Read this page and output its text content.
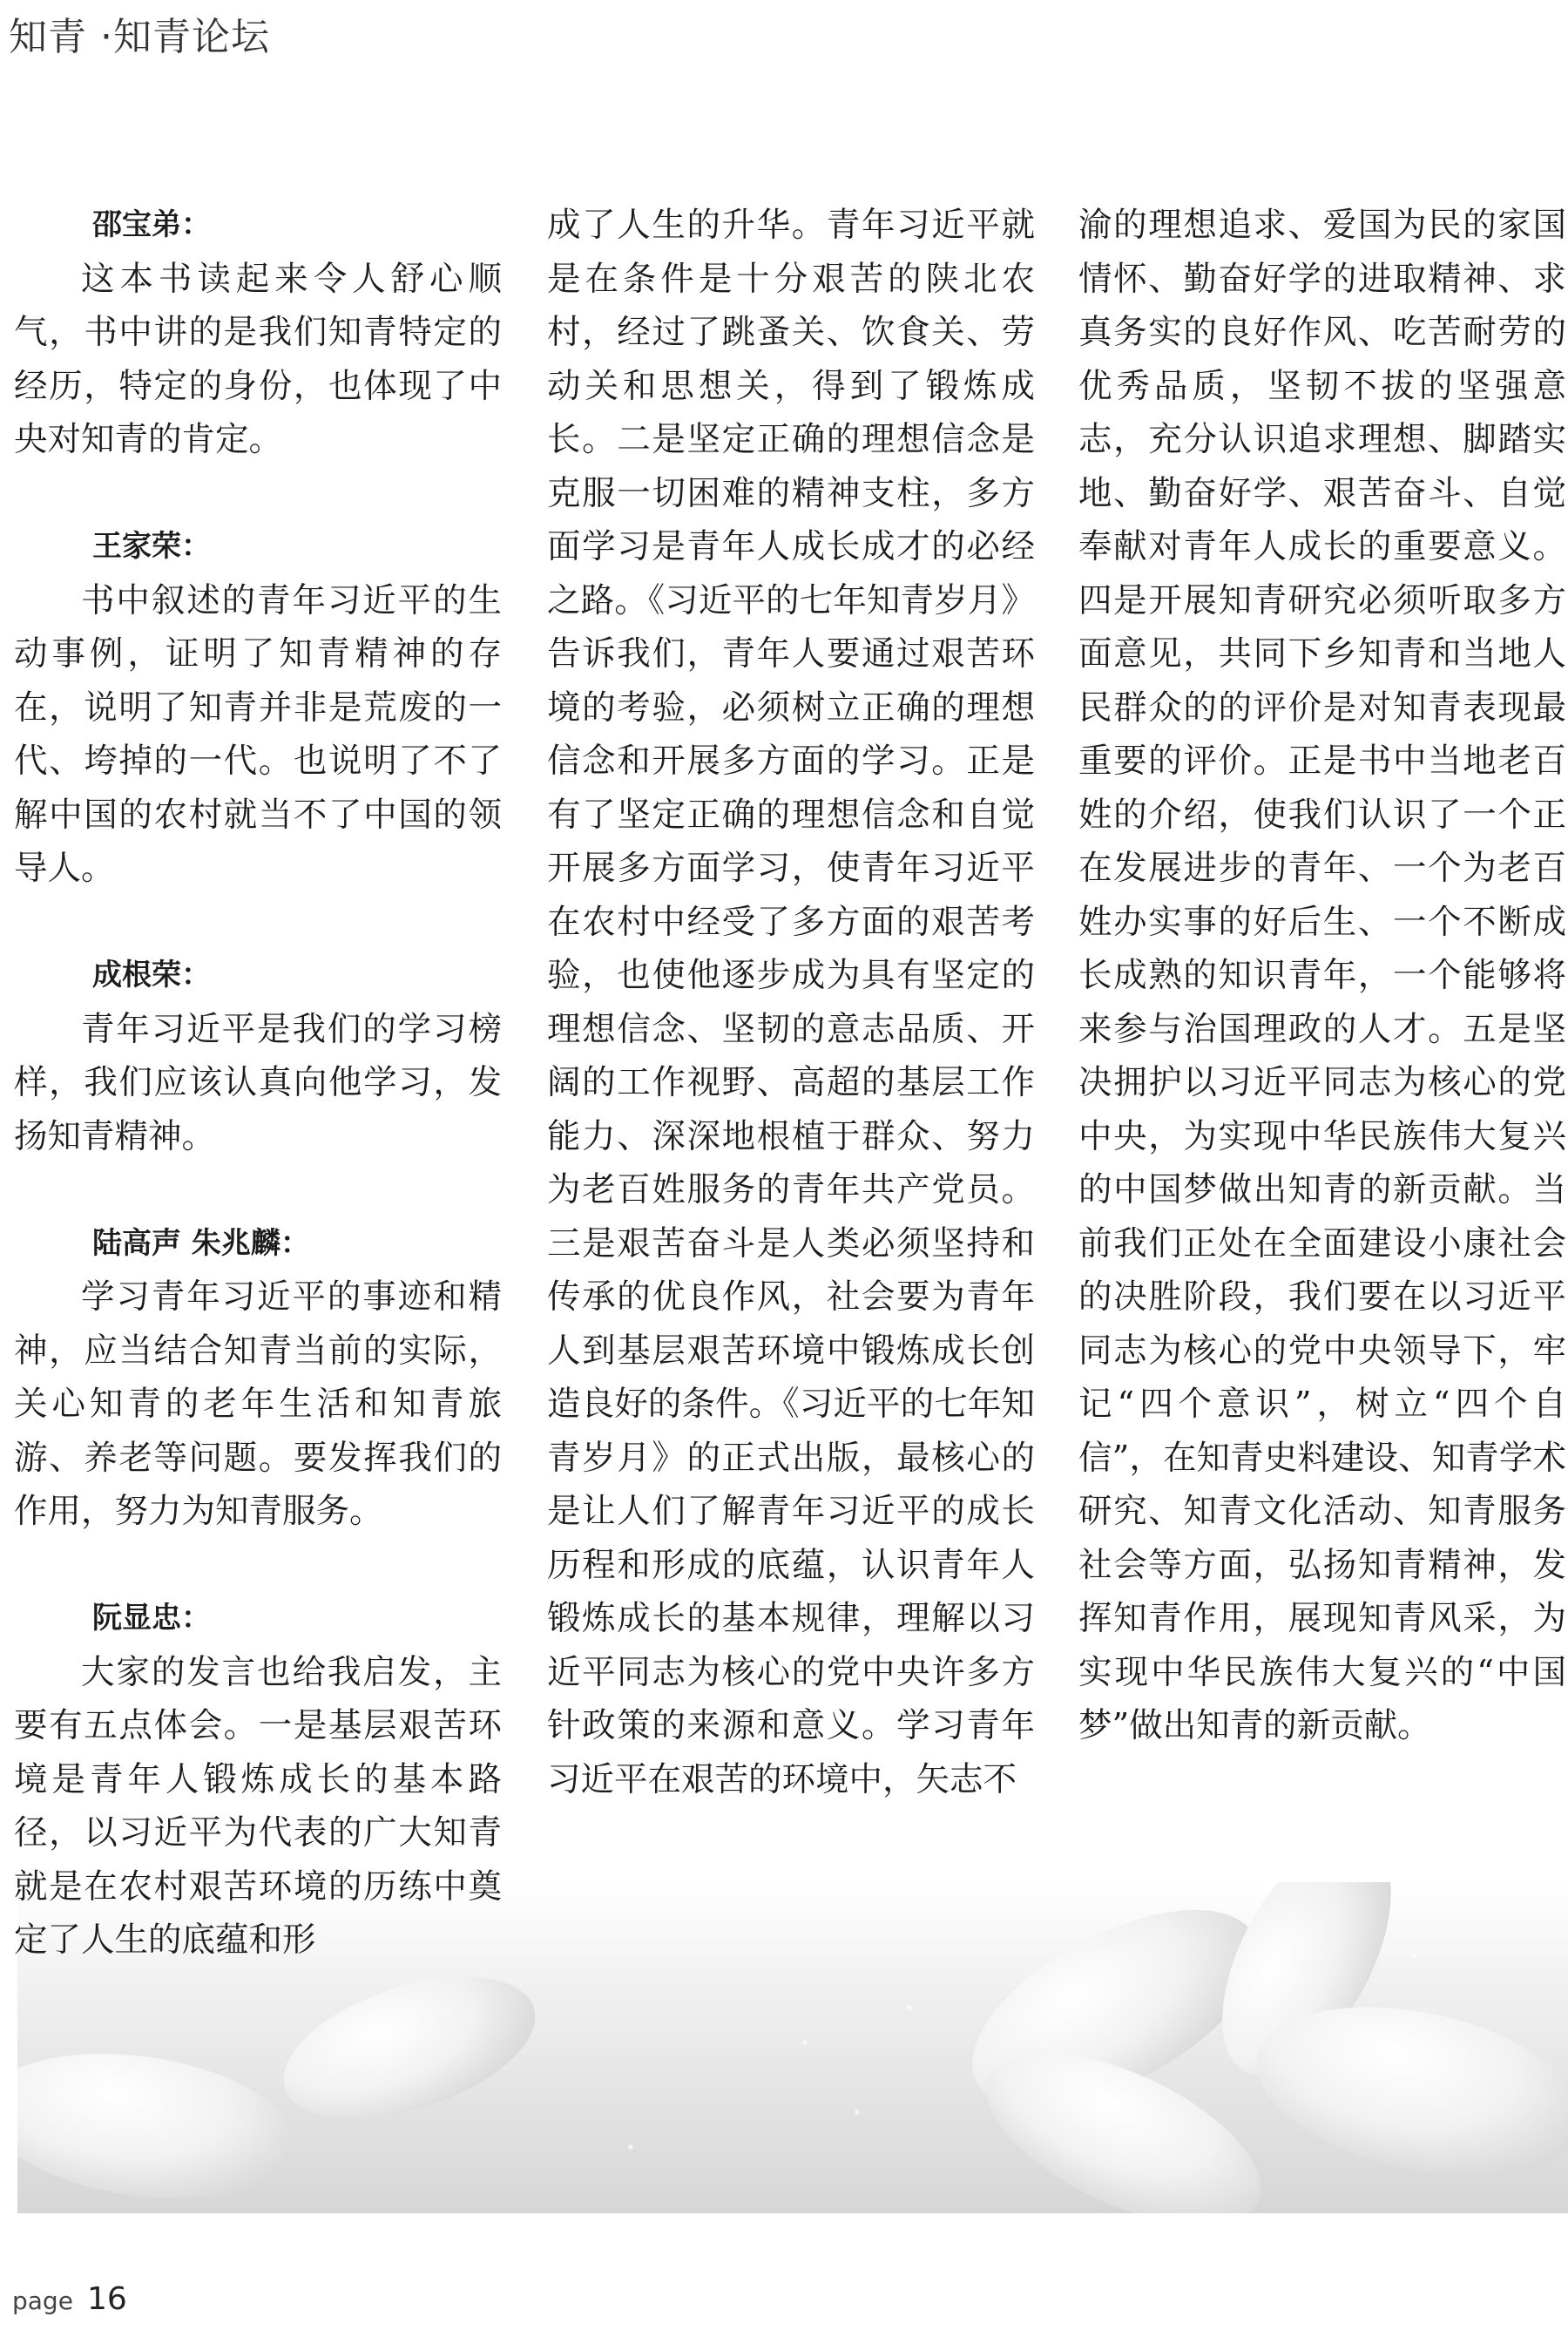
知青 ·知青论坛

邵宝弟：

这本书读起来令人舒心顺气，书中讲的是我们知青特定的经历，特定的身份，也体现了中央对知青的肯定。

王家荣：

书中叙述的青年习近平的生动事例，证明了知青精神的存在，说明了知青并非是荒废的一代、垮掉的一代。也说明了不了解中国的农村就当不了中国的领导人。

成根荣：

青年习近平是我们的学习榜样，我们应该认真向他学习，发扬知青精神。

陆高声 朱兆麟：

学习青年习近平的事迹和精神，应当结合知青当前的实际，关心知青的老年生活和知青旅游、养老等问题。要发挥我们的作用，努力为知青服务。

阮显忠：

大家的发言也给我启发，主要有五点体会。一是基层艰苦环境是青年人锻炼成长的基本路径，以习近平为代表的广大知青就是在农村艰苦环境的历练中奠定了人生的底蕴和形

成了人生的升华。青年习近平就是在条件是十分艰苦的陕北农村，经过了跳蚤关、饮食关、劳动关和思想关，得到了锻炼成长。二是坚定正确的理想信念是克服一切困难的精神支柱，多方面学习是青年人成长成才的必经之路。《习近平的七年知青岁月》告诉我们，青年人要通过艰苦环境的考验，必须树立正确的理想信念和开展多方面的学习。正是有了坚定正确的理想信念和自觉开展多方面学习，使青年习近平在农村中经受了多方面的艰苦考验，也使他逐步成为具有坚定的理想信念、坚韧的意志品质、开阔的工作视野、高超的基层工作能力、深深地根植于群众、努力为老百姓服务的青年共产党员。三是艰苦奋斗是人类必须坚持和传承的优良作风，社会要为青年人到基层艰苦环境中锻炼成长创造良好的条件。《习近平的七年知青岁月》的正式出版，最核心的是让人们了解青年习近平的成长历程和形成的底蕴，认识青年人锻炼成长的基本规律，理解以习近平同志为核心的党中央许多方针政策的来源和意义。学习青年习近平在艰苦的环境中，矢志不

渝的理想追求、爱国为民的家国情怀、勤奋好学的进取精神、求真务实的良好作风、吃苦耐劳的优秀品质，坚韧不拔的坚强意志，充分认识追求理想、脚踏实地、勤奋好学、艰苦奋斗、自觉奉献对青年人成长的重要意义。 四是开展知青研究必须听取多方面意见，共同下乡知青和当地人民群众的的评价是对知青表现最重要的评价。正是书中当地老百姓的介绍，使我们认识了一个正在发展进步的青年、一个为老百姓办实事的好后生、一个不断成长成熟的知识青年，一个能够将来参与治国理政的人才。五是坚决拥护以习近平同志为核心的党中央，为实现中华民族伟大复兴的中国梦做出知青的新贡献。当前我们正处在全面建设小康社会的决胜阶段，我们要在以习近平同志为核心的党中央领导下，牢记“四个意识”，树立“四个自信”，在知青史料建设、知青学术研究、知青文化活动、知青服务社会等方面，弘扬知青精神，发挥知青作用，展现知青风采，为实现中华民族伟大复兴的“中国梦”做出知青的新贡献。

page 16
